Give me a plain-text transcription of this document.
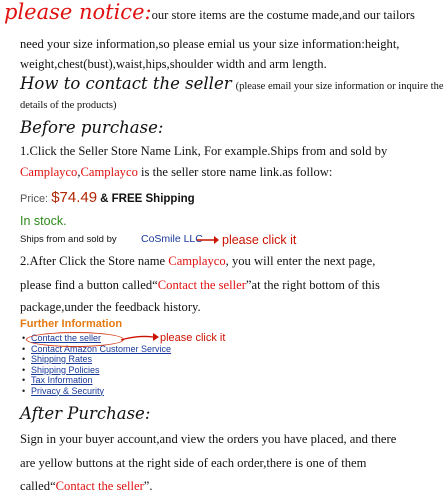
please notice:our store items are the costume made,and our tailors
need your size information,so please emial us your size information:height,
weight,chest(bust),waist,hips,shoulder width and arm length.
How to contact the seller (please email your size information or inquire the
details of the products)
Before purchase:
1.Click the Seller Store Name Link, For example.Ships from and sold by
Camplayco,Camplayco is the seller store name link.as follow:
Price: $74.49 & FREE Shipping
In stock.
Ships from and sold by CoSmile LLC please click it
2.After Click the Store name Camplayco, you will enter the next page,
please find a button called“Contact the seller”at the right bottom of this
package,under the feedback history.
Further Information
• Contact the seller
• Contact Amazon Customer Service
• Shipping Rates
• Shipping Policies
• Tax Information
• Privacy & Security
please click it
After Purchase:
Sign in your buyer account,and view the orders you have placed, and there
are yellow buttons at the right side of each order,there is one of them
called“Contact the seller”.
